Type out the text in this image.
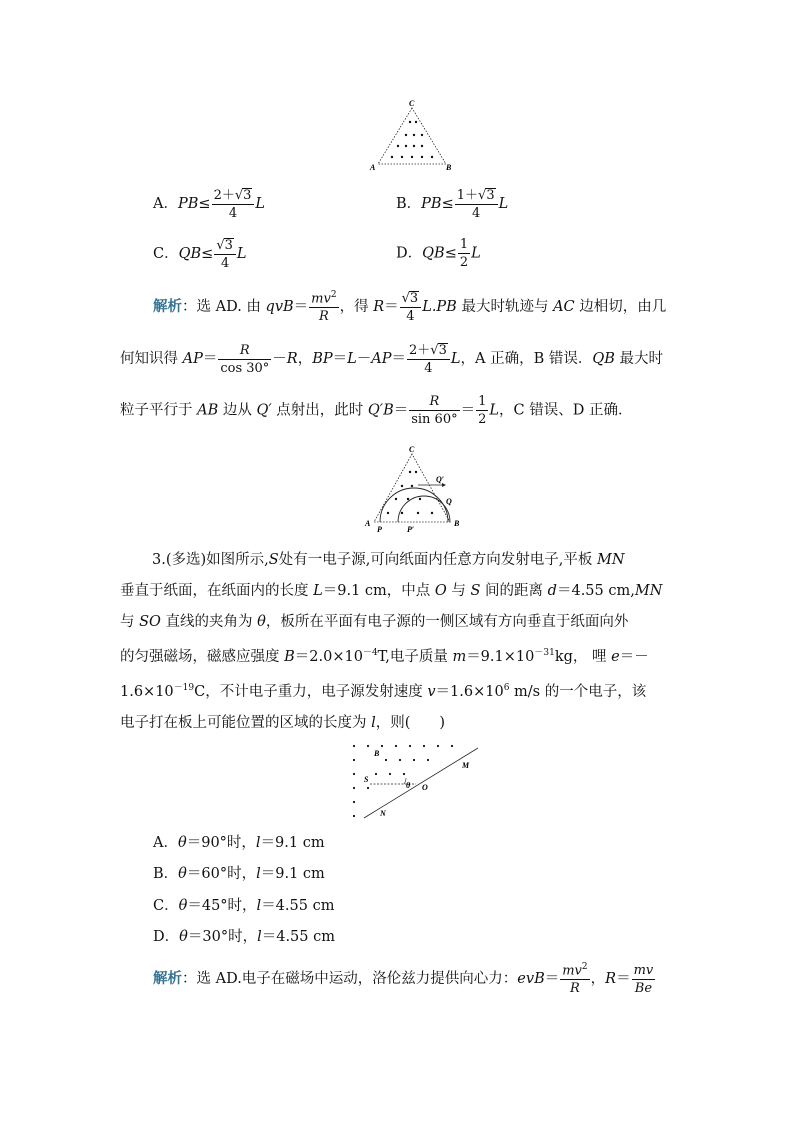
C
A	B
A．$PB\le \frac{2+√3}{4}$ L	B．$PB\le \frac{1+√3}{4}$ L
C．$QB\le \frac{√3}{4}$ L	D．$QB\le \frac{1}{2}$ L
解析：选 AD. 由 $qvB= \frac{mv^2}{R}$ ，得 $R= \frac{√3}{4} L.PB$ 最大时轨迹与 AC 边相切，由几
何知识得 $AP= \frac{R}{\cos 30^\circ} -R$，$BP=L-AP= \frac{2+√3}{4}$ L，A 正确，B 错误．QB 最大时
粒子平行于 AB 边从 Q′ 点射出，此时 $Q'B= \frac{R}{\sin 60^\circ} = \frac{1}{2}$ L，C 错误、D 正确．
C
A	B
P	P′
Q
Q′
3.(多选)如图所示,S处有一电子源,可向纸面内任意方向发射电子,平板 MN
垂直于纸面，在纸面内的长度 L＝9.1 cm，中点 O 与 S 间的距离 d＝4.55 cm,MN
与 SO 直线的夹角为 θ，板所在平面有电子源的一侧区域有方向垂直于纸面向外
的匀强磁场，磁感应强度 $B=2.0\times 10^{-4}T$,电子质量 $m=9.1\times 10^{-31}kg$， 哩 e＝－
$1.6\times 10^{-19}C$，不计电子重力，电子源发射速度 $v=1.6\times 10^6$ m/s 的一个电子，该
电子打在板上可能位置的区域的长度为 l，则(　　)
B
M
N
S
O
θ
A．θ＝90°时，l＝9.1 cm
B．θ＝60°时，l＝9.1 cm
C．θ＝45°时，l＝4.55 cm
D．θ＝30°时，l＝4.55 cm
解析：选 AD.电子在磁场中运动，洛伦兹力提供向心力：$evB= \frac{mv^2}{R}$ ，$R= \frac{mv}{Be}$
